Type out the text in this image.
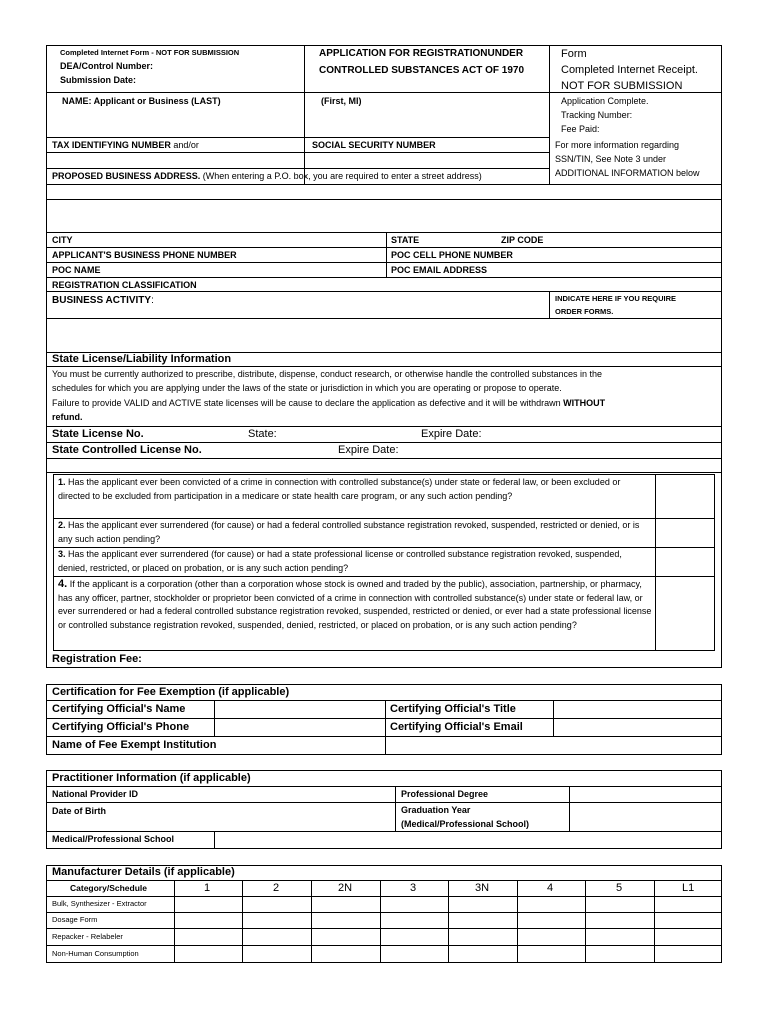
Completed Internet Form - NOT FOR SUBMISSION
DEA/Control Number:
Submission Date:
APPLICATION FOR REGISTRATIONUNDER
CONTROLLED SUBSTANCES ACT OF 1970
Form
Completed Internet Receipt.
NOT FOR SUBMISSION
NAME: Applicant or Business (LAST)	(First, MI)	Application Complete.
Tracking Number:
Fee Paid:
TAX IDENTIFYING NUMBER and/or	SOCIAL SECURITY NUMBER	For more information regarding
SSN/TIN, See Note 3 under
ADDITIONAL INFORMATION below
PROPOSED BUSINESS ADDRESS. (When entering a P.O. box, you are required to enter a street address)
CITY	STATE	ZIP CODE
APPLICANT'S BUSINESS PHONE NUMBER	POC CELL PHONE NUMBER
POC NAME	POC EMAIL ADDRESS
REGISTRATION CLASSIFICATION
BUSINESS ACTIVITY:	INDICATE HERE IF YOU REQUIRE
ORDER FORMS.
State License/Liability Information
You must be currently authorized to prescribe, distribute, dispense, conduct research, or otherwise handle the controlled substances in the
schedules for which you are applying under the laws of the state or jurisdiction in which you are operating or propose to operate.
Failure to provide VALID and ACTIVE state licenses will be cause to declare the application as defective and it will be withdrawn WITHOUT
refund.
State License No.	State:	Expire Date:
State Controlled License No.	Expire Date:
1. Has the applicant ever been convicted of a crime in connection with controlled substance(s) under state or federal law, or been excluded or directed to be excluded from participation in a medicare or state health care program, or any such action pending?
2. Has the applicant ever surrendered (for cause) or had a federal controlled substance registration revoked, suspended, restricted or denied, or is any such action pending?
3. Has the applicant ever surrendered (for cause) or had a state professional license or controlled substance registration revoked, suspended, denied, restricted, or placed on probation, or is any such action pending?
4. If the applicant is a corporation (other than a corporation whose stock is owned and traded by the public), association, partnership, or pharmacy, has any officer, partner, stockholder or proprietor been convicted of a crime in connection with controlled substance(s) under state or federal law, or ever surrendered or had a federal controlled substance registration revoked, suspended, restricted or denied, or ever had a state professional license or controlled substance registration revoked, suspended, denied, restricted, or placed on probation, or is any such action pending?
Registration Fee:
Certification for Fee Exemption (if applicable)
Certifying Official's Name	Certifying Official's Title
Certifying Official's Phone	Certifying Official's Email
Name of Fee Exempt Institution
Practitioner Information (if applicable)
National Provider ID	Professional Degree
Date of Birth	Graduation Year
(Medical/Professional School)
Medical/Professional School
Manufacturer Details (if applicable)
Category/Schedule	1	2	2N	3	3N	4	5	L1
Bulk, Synthesizer - Extractor
Dosage Form
Repacker - Relabeler
Non-Human Consumption
